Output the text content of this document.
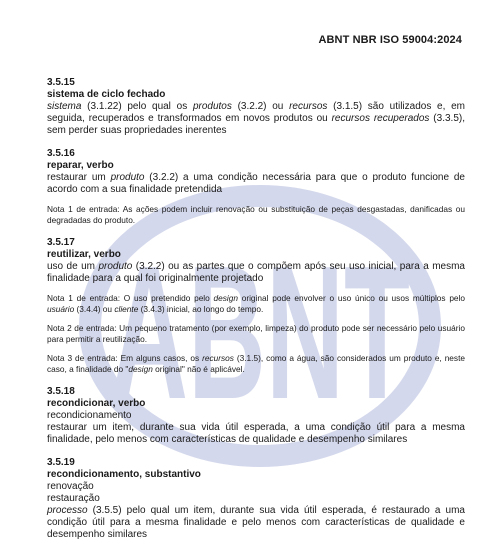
ABNT
ABNT NBR ISO 59004:2024
3.5.15
sistema de ciclo fechado
sistema (3.1.22) pelo qual os produtos (3.2.2) ou recursos (3.1.5) são utilizados e, em seguida, recuperados e transformados em novos produtos ou recursos recuperados (3.3.5), sem perder suas propriedades inerentes
3.5.16
reparar, verbo
restaurar um produto (3.2.2) a uma condição necessária para que o produto funcione de acordo com a sua finalidade pretendida
Nota 1 de entrada: As ações podem incluir renovação ou substituição de peças desgastadas, danificadas ou degradadas do produto.
3.5.17
reutilizar, verbo
uso de um produto (3.2.2) ou as partes que o compõem após seu uso inicial, para a mesma finalidade para a qual foi originalmente projetado
Nota 1 de entrada: O uso pretendido pelo design original pode envolver o uso único ou usos múltiplos pelo usuário (3.4.4) ou cliente (3.4.3) inicial, ao longo do tempo.
Nota 2 de entrada: Um pequeno tratamento (por exemplo, limpeza) do produto pode ser necessário pelo usuário para permitir a reutilização.
Nota 3 de entrada: Em alguns casos, os recursos (3.1.5), como a água, são considerados um produto e, neste caso, a finalidade do "design original" não é aplicável.
3.5.18
recondicionar, verbo
recondicionamento
restaurar um item, durante sua vida útil esperada, a uma condição útil para a mesma finalidade, pelo menos com características de qualidade e desempenho similares
3.5.19
recondicionamento, substantivo
renovação
restauração
processo (3.5.5) pelo qual um item, durante sua vida útil esperada, é restaurado a uma condição útil para a mesma finalidade e pelo menos com características de qualidade e desempenho similares
